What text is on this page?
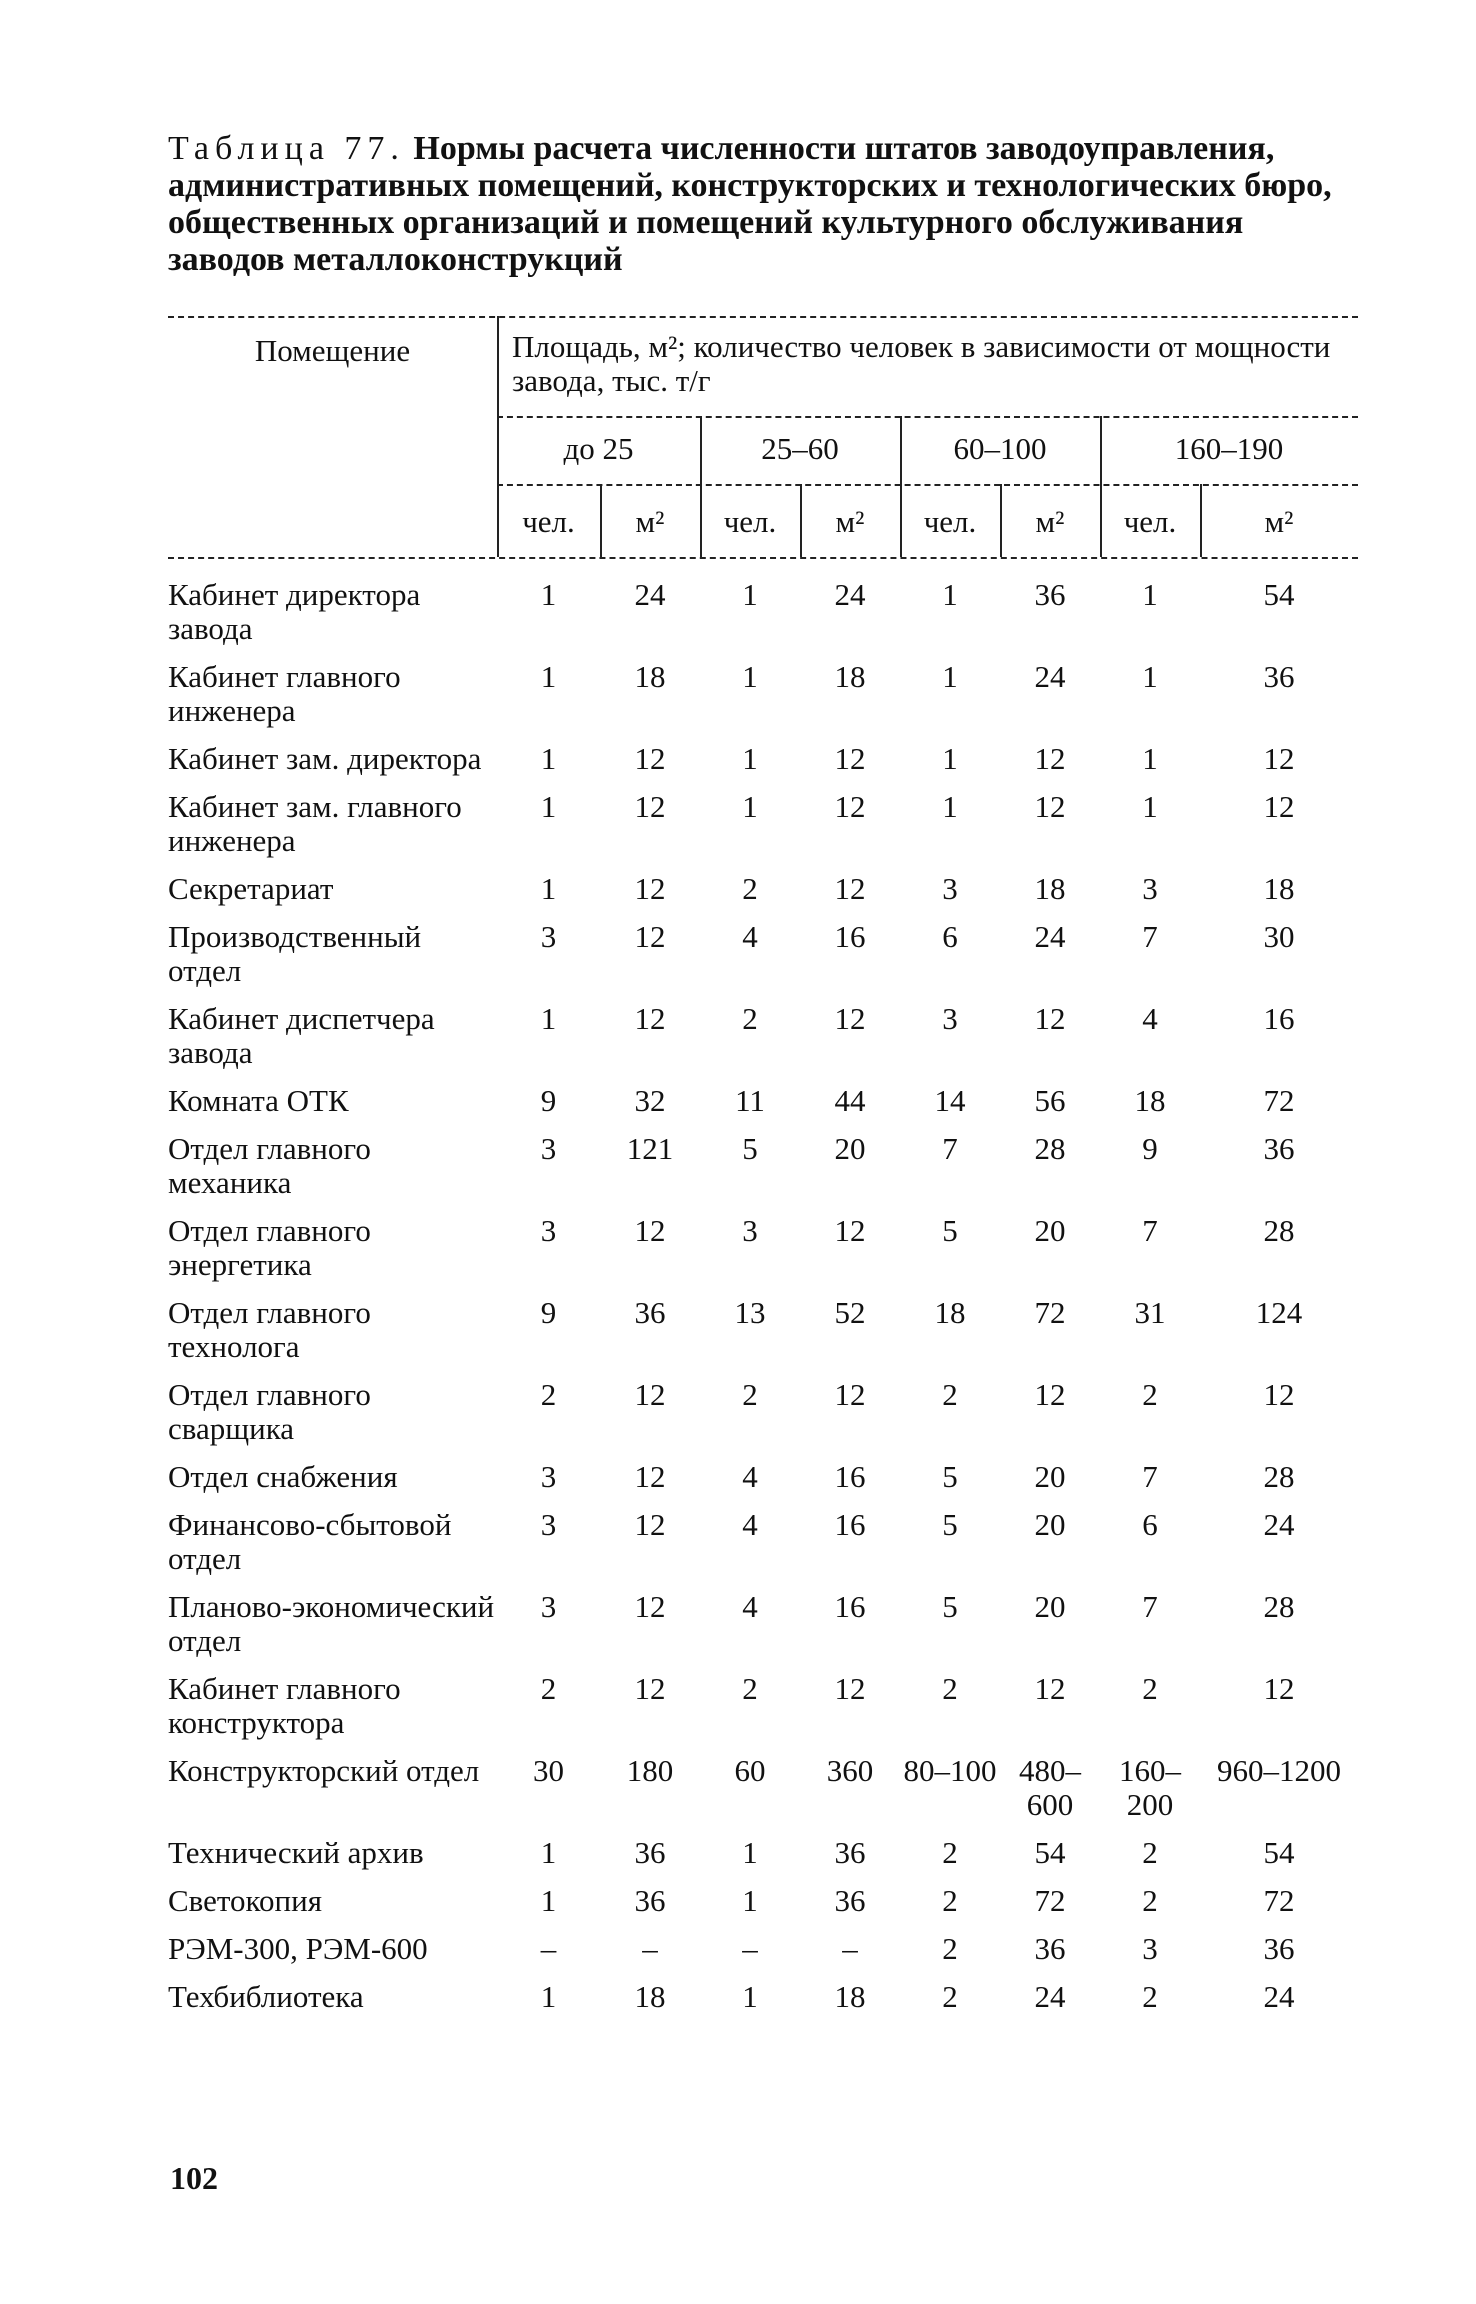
Таблица 77. Нормы расчета численности штатов заводоуправления, административных помещений, конструкторских и технологических бюро, общественных организаций и помещений культурного обслуживания заводов металлоконструкций
Помещение	Площадь, м²; количество человек в зависимости от мощности завода, тыс. т/г
до 25	25–60	60–100	160–190
чел.	м²	чел.	м²	чел.	м²	чел.	м²
Кабинет директора завода	1	24	1	24	1	36	1	54
Кабинет главного инженера	1	18	1	18	1	24	1	36
Кабинет зам. директора	1	12	1	12	1	12	1	12
Кабинет зам. главного инженера	1	12	1	12	1	12	1	12
Секретариат	1	12	2	12	3	18	3	18
Производственный отдел	3	12	4	16	6	24	7	30
Кабинет диспетчера завода	1	12	2	12	3	12	4	16
Комната ОТК	9	32	11	44	14	56	18	72
Отдел главного механика	3	121	5	20	7	28	9	36
Отдел главного энергетика	3	12	3	12	5	20	7	28
Отдел главного технолога	9	36	13	52	18	72	31	124
Отдел главного сварщика	2	12	2	12	2	12	2	12
Отдел снабжения	3	12	4	16	5	20	7	28
Финансово-сбытовой отдел	3	12	4	16	5	20	6	24
Планово-экономический отдел	3	12	4	16	5	20	7	28
Кабинет главного конструктора	2	12	2	12	2	12	2	12
Конструкторский отдел	30	180	60	360	80–100	480–600	160–200	960–1200
Технический архив	1	36	1	36	2	54	2	54
Светокопия	1	36	1	36	2	72	2	72
РЭМ-300, РЭМ-600	–	–	–	–	2	36	3	36
Техбиблиотека	1	18	1	18	2	24	2	24
102
